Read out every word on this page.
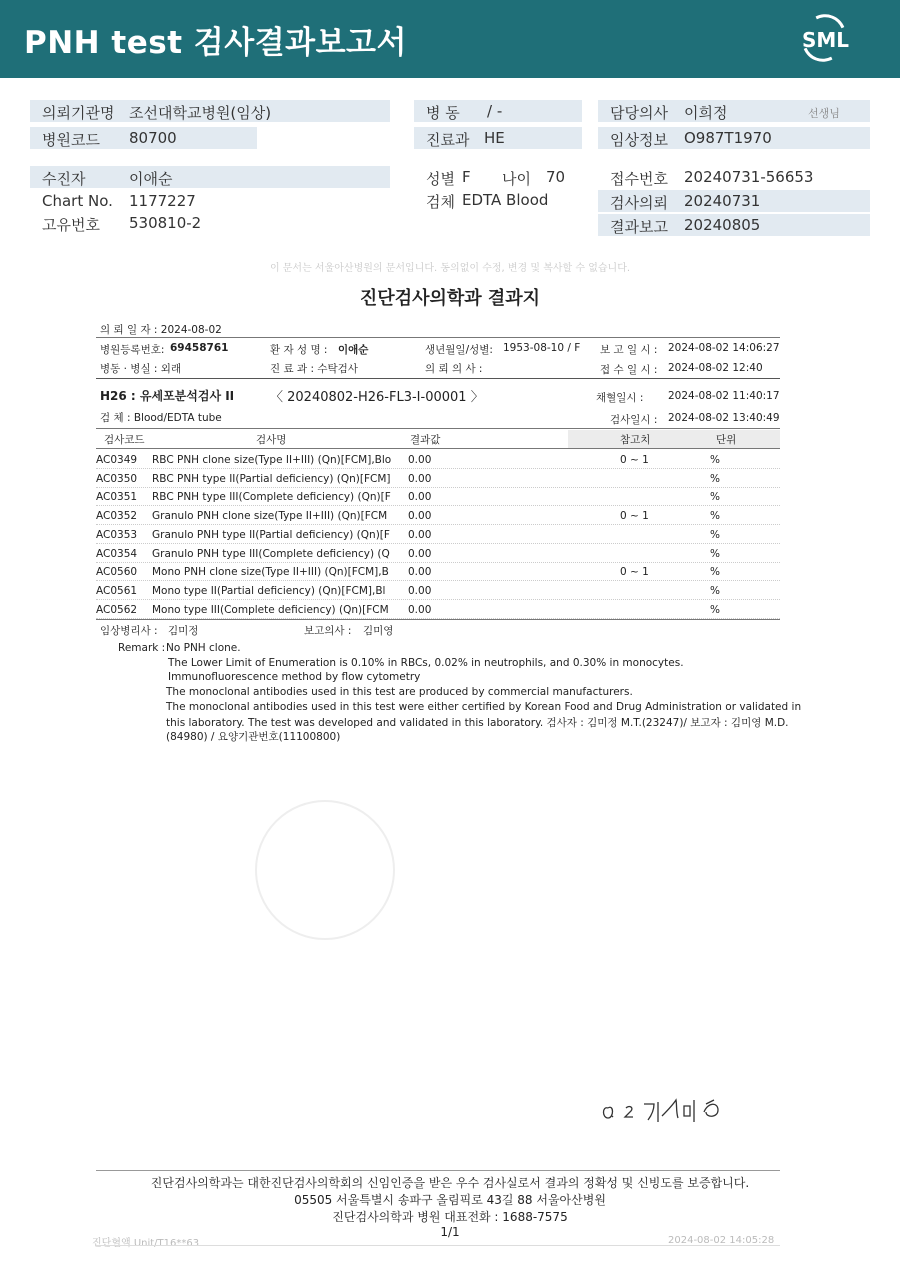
PNH test 검사결과보고서	SML
의뢰기관명 조선대학교병원(임상)
병원코드 80700
수진자	이애순
Chart No. 1177227
고유번호 530810-2
병 동 / -
진료과 HE
성별 F 나이 70
검체 EDTA Blood
담당의사 이희정	선생님
임상정보 O987T1970
접수번호 20240731-56653
검사의뢰 20240731
결과보고 20240805
이 문서는 서울아산병원의 문서입니다. 동의없이 수정, 변경 및 복사할 수 없습니다.
진단검사의학과 결과지
의 뢰 일 자 : 2024-08-02
병원등록번호: 69458761	환 자 성 명 : 이애순	생년월일/성별: 1953-08-10 / F 보 고 일 시 : 2024-08-02 14:06:27
병동 · 병실 : 외래	진 료 과 : 수탁검사	의 뢰 의 사 :	접 수 일 시 : 2024-08-02 12:40
H26 : 유세포분석검사 II	〈 20240802-H26-FL3-I-00001 〉	채혈일시 : 2024-08-02 11:40:17
검 체 : Blood/EDTA tube	검사일시 : 2024-08-02 13:40:49
검사코드	검사명	결과값	참고치	단위
AC0349 RBC PNH clone size(Type II+III) (Qn)[FCM],Blo 0.00	0 ~ 1	%
AC0350 RBC PNH type II(Partial deficiency) (Qn)[FCM] 0.00	%
AC0351 RBC PNH type III(Complete deficiency) (Qn)[F 0.00	%
AC0352 Granulo PNH clone size(Type II+III) (Qn)[FCM 0.00	0 ~ 1	%
AC0353 Granulo PNH type II(Partial deficiency) (Qn)[F 0.00	%
AC0354 Granulo PNH type III(Complete deficiency) (Q 0.00	%
AC0560 Mono PNH clone size(Type II+III) (Qn)[FCM],B 0.00	0 ~ 1	%
AC0561 Mono type II(Partial deficiency) (Qn)[FCM],Bl 0.00	%
AC0562 Mono type III(Complete deficiency) (Qn)[FCM 0.00	%
임상병리사 : 김미정	보고의사 : 김미영
Remark : No PNH clone.
The Lower Limit of Enumeration is 0.10% in RBCs, 0.02% in neutrophils, and 0.30% in monocytes.
Immunofluorescence method by flow cytometry
The monoclonal antibodies used in this test are produced by commercial manufacturers.
The monoclonal antibodies used in this test were either certified by Korean Food and Drug Administration or validated in
this laboratory. The test was developed and validated in this laboratory. 검사자 : 김미정 M.T.(23247)/ 보고자 : 김미영 M.D.
(84980) / 요양기관번호(11100800)
진단검사의학과는 대한진단검사의학회의 신임인증을 받은 우수 검사실로서 결과의 정확성 및 신빙도를 보증합니다.
05505 서울특별시 송파구 올림픽로 43길 88 서울아산병원
진단검사의학과 병원 대표전화 : 1688-7575
1/1
진단혈액 Unit/T16**63	2024-08-02 14:05:28
